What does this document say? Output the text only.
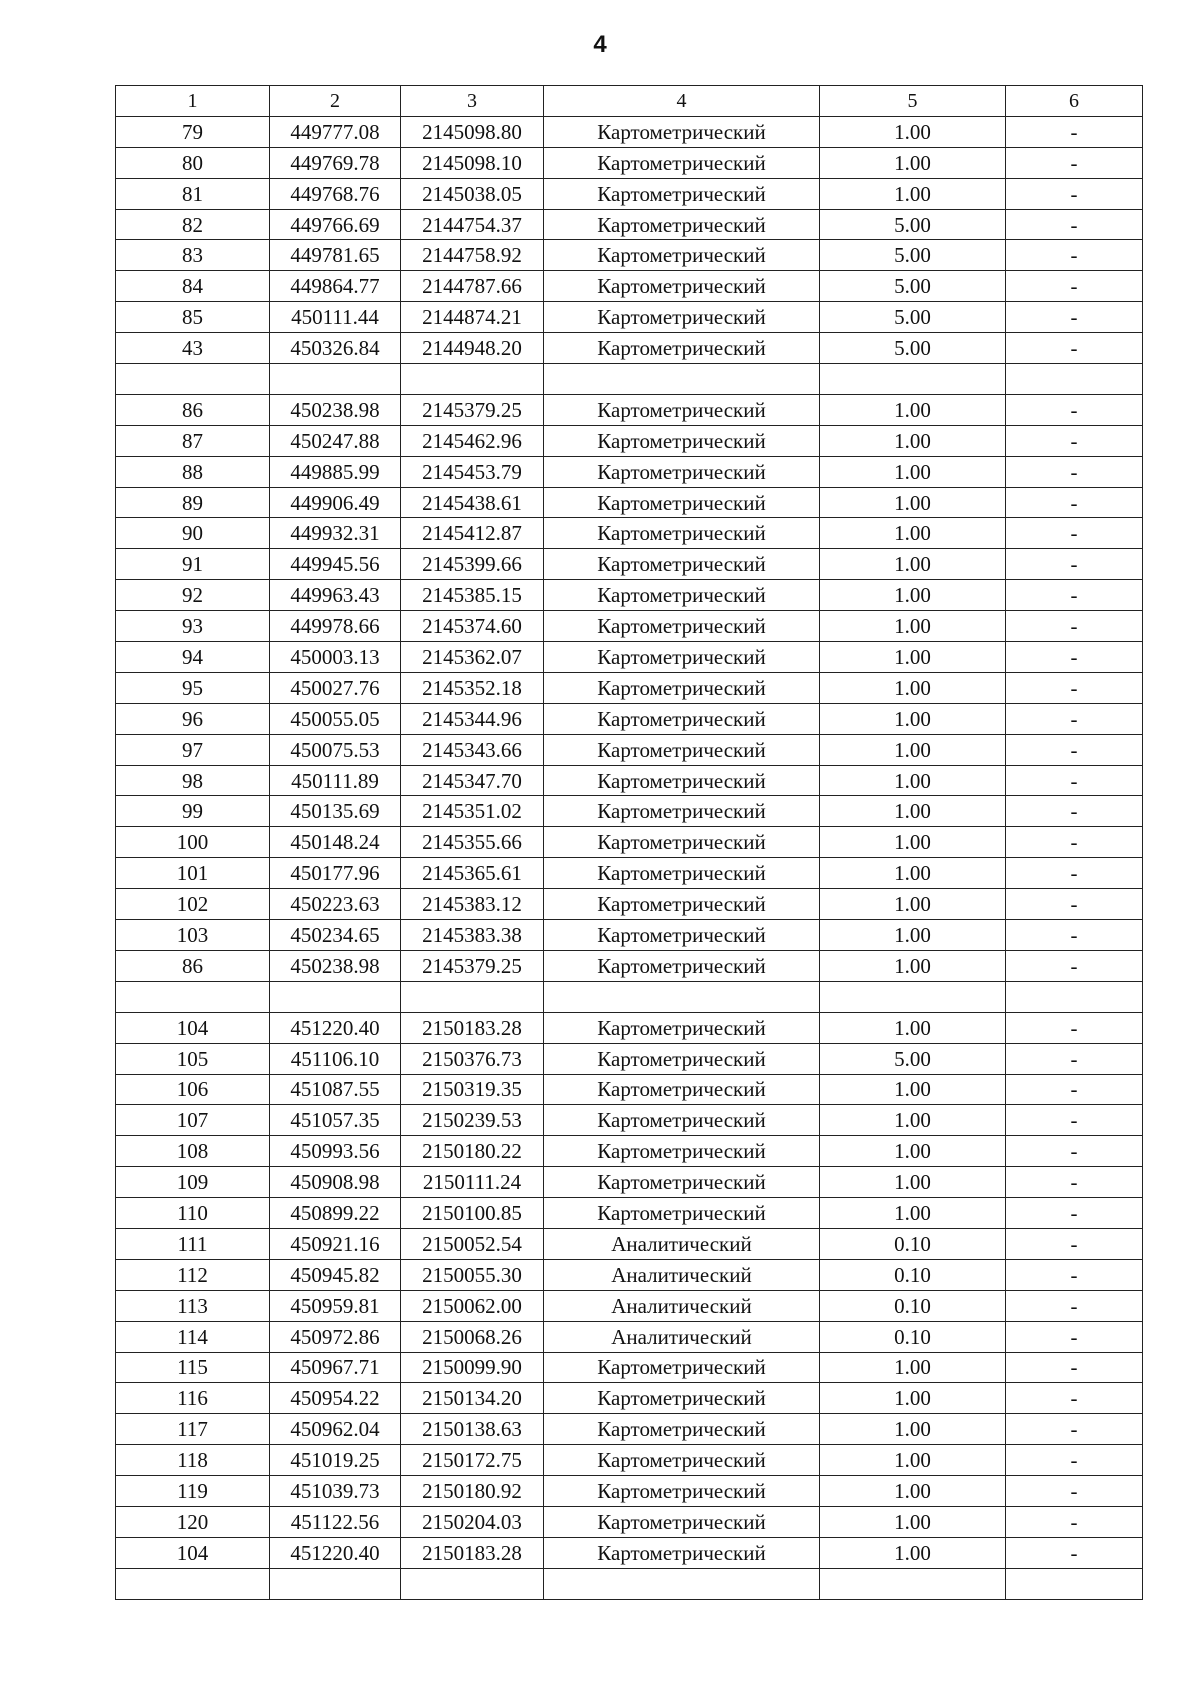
4
1	2	3	4	5	6
79	449777.08	2145098.80	Картометрический	1.00	-
80	449769.78	2145098.10	Картометрический	1.00	-
81	449768.76	2145038.05	Картометрический	1.00	-
82	449766.69	2144754.37	Картометрический	5.00	-
83	449781.65	2144758.92	Картометрический	5.00	-
84	449864.77	2144787.66	Картометрический	5.00	-
85	450111.44	2144874.21	Картометрический	5.00	-
43	450326.84	2144948.20	Картометрический	5.00	-

86	450238.98	2145379.25	Картометрический	1.00	-
87	450247.88	2145462.96	Картометрический	1.00	-
88	449885.99	2145453.79	Картометрический	1.00	-
89	449906.49	2145438.61	Картометрический	1.00	-
90	449932.31	2145412.87	Картометрический	1.00	-
91	449945.56	2145399.66	Картометрический	1.00	-
92	449963.43	2145385.15	Картометрический	1.00	-
93	449978.66	2145374.60	Картометрический	1.00	-
94	450003.13	2145362.07	Картометрический	1.00	-
95	450027.76	2145352.18	Картометрический	1.00	-
96	450055.05	2145344.96	Картометрический	1.00	-
97	450075.53	2145343.66	Картометрический	1.00	-
98	450111.89	2145347.70	Картометрический	1.00	-
99	450135.69	2145351.02	Картометрический	1.00	-
100	450148.24	2145355.66	Картометрический	1.00	-
101	450177.96	2145365.61	Картометрический	1.00	-
102	450223.63	2145383.12	Картометрический	1.00	-
103	450234.65	2145383.38	Картометрический	1.00	-
86	450238.98	2145379.25	Картометрический	1.00	-

104	451220.40	2150183.28	Картометрический	1.00	-
105	451106.10	2150376.73	Картометрический	5.00	-
106	451087.55	2150319.35	Картометрический	1.00	-
107	451057.35	2150239.53	Картометрический	1.00	-
108	450993.56	2150180.22	Картометрический	1.00	-
109	450908.98	2150111.24	Картометрический	1.00	-
110	450899.22	2150100.85	Картометрический	1.00	-
111	450921.16	2150052.54	Аналитический	0.10	-
112	450945.82	2150055.30	Аналитический	0.10	-
113	450959.81	2150062.00	Аналитический	0.10	-
114	450972.86	2150068.26	Аналитический	0.10	-
115	450967.71	2150099.90	Картометрический	1.00	-
116	450954.22	2150134.20	Картометрический	1.00	-
117	450962.04	2150138.63	Картометрический	1.00	-
118	451019.25	2150172.75	Картометрический	1.00	-
119	451039.73	2150180.92	Картометрический	1.00	-
120	451122.56	2150204.03	Картометрический	1.00	-
104	451220.40	2150183.28	Картометрический	1.00	-
